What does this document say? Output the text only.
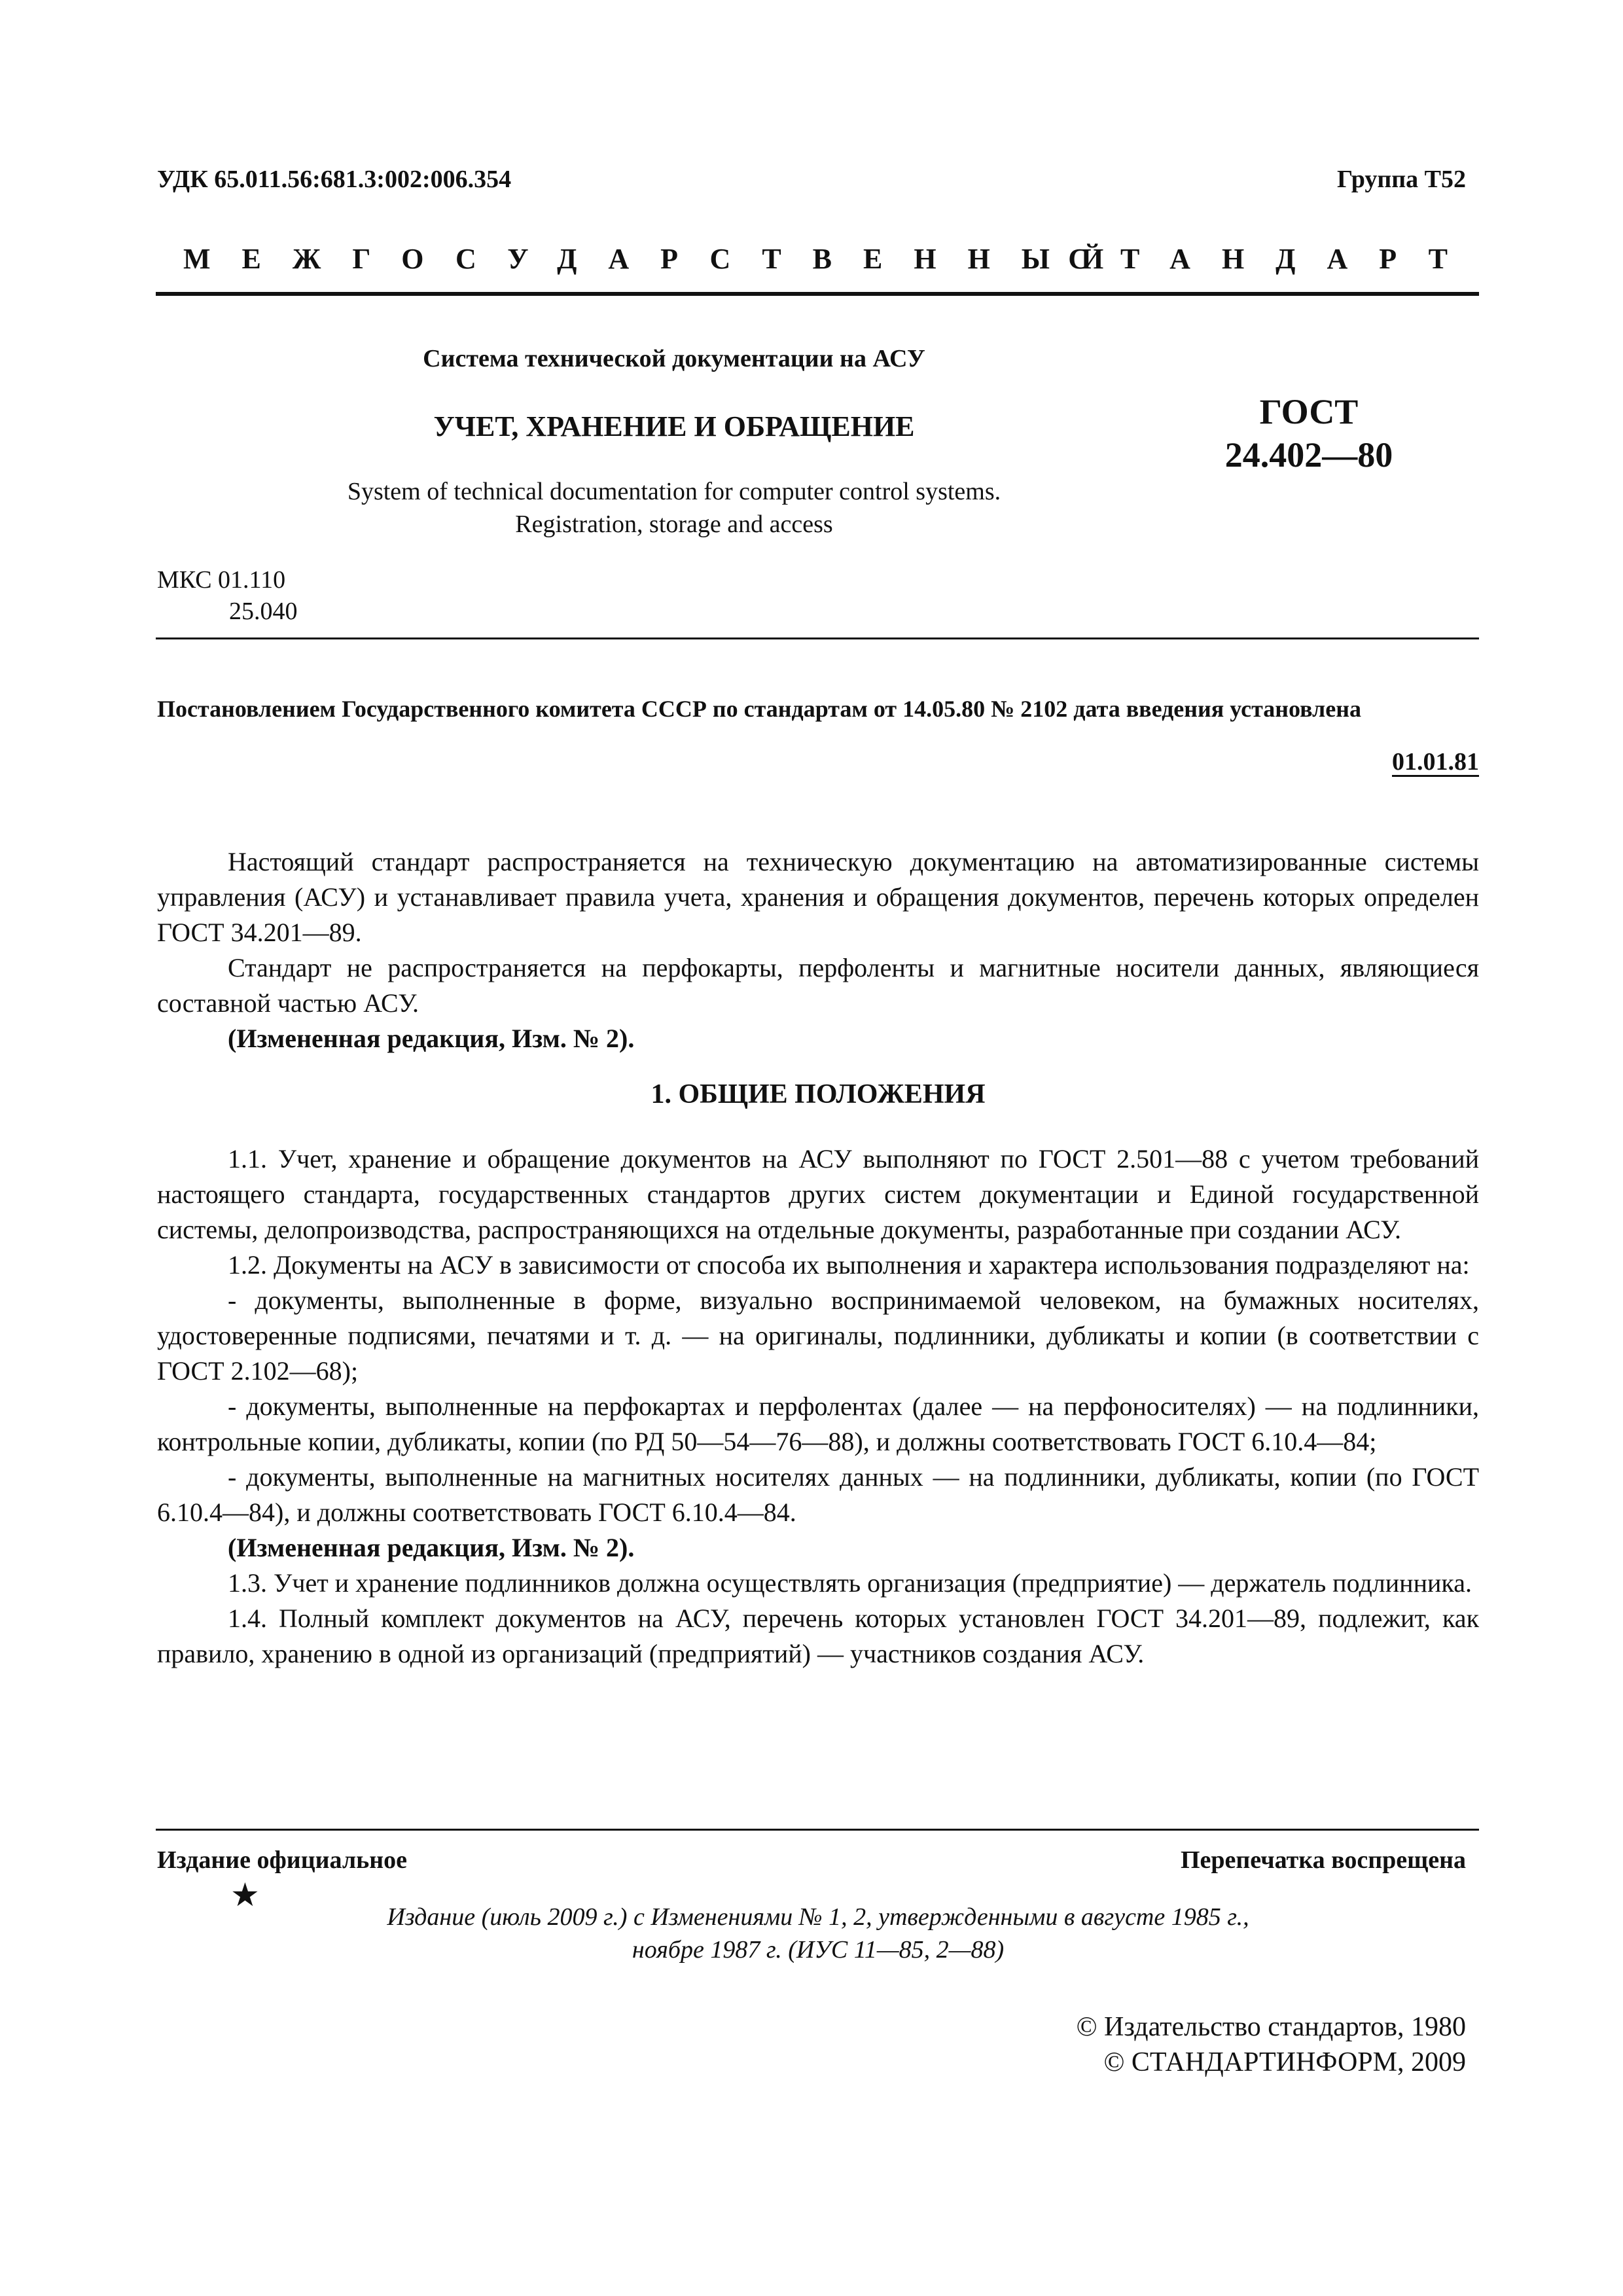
УДК 65.011.56:681.3:002:006.354	Группа Т52
МЕЖГОСУДАРСТВЕННЫЙ
СТАНДАРТ
Система технической документации на АСУ
УЧЕТ, ХРАНЕНИЕ И ОБРАЩЕНИЕ
System of technical documentation for computer control systems.
Registration, storage and access
ГОСТ
24.402—80
МКС 01.110
25.040
Постановлением Государственного комитета СССР по стандартам от 14.05.80 № 2102 дата введения установлена
01.01.81

Настоящий стандарт распространяется на техническую документацию на автоматизированные системы управления (АСУ) и устанавливает правила учета, хранения и обращения документов, перечень которых определен ГОСТ 34.201—89.

Стандарт не распространяется на перфокарты, перфоленты и магнитные носители данных, являющиеся составной частью АСУ.

(Измененная редакция, Изм. № 2).

1. ОБЩИЕ ПОЛОЖЕНИЯ

1.1. Учет, хранение и обращение документов на АСУ выполняют по ГОСТ 2.501—88 с учетом требований настоящего стандарта, государственных стандартов других систем документации и Единой государственной системы, делопроизводства, распространяющихся на отдельные документы, разработанные при создании АСУ.

1.2. Документы на АСУ в зависимости от способа их выполнения и характера использования подразделяют на:

- документы, выполненные в форме, визуально воспринимаемой человеком, на бумажных носителях, удостоверенные подписями, печатями и т. д. — на оригиналы, подлинники, дубликаты и копии (в соответствии с ГОСТ 2.102—68);

- документы, выполненные на перфокартах и перфолентах (далее — на перфоносителях) — на подлинники, контрольные копии, дубликаты, копии (по РД 50—54—76—88), и должны соответствовать ГОСТ 6.10.4—84;

- документы, выполненные на магнитных носителях данных — на подлинники, дубликаты, копии (по ГОСТ 6.10.4—84), и должны соответствовать ГОСТ 6.10.4—84.

(Измененная редакция, Изм. № 2).

1.3. Учет и хранение подлинников должна осуществлять организация (предприятие) — держатель подлинника.

1.4. Полный комплект документов на АСУ, перечень которых установлен ГОСТ 34.201—89, подлежит, как правило, хранению в одной из организаций (предприятий) — участников создания АСУ.

Издание официальное	Перепечатка воспрещена
★
Издание (июль 2009 г.) с Изменениями № 1, 2, утвержденными в августе 1985 г.,
ноябре 1987 г. (ИУС 11—85, 2—88)
© Издательство стандартов, 1980
© СТАНДАРТИНФОРМ, 2009
